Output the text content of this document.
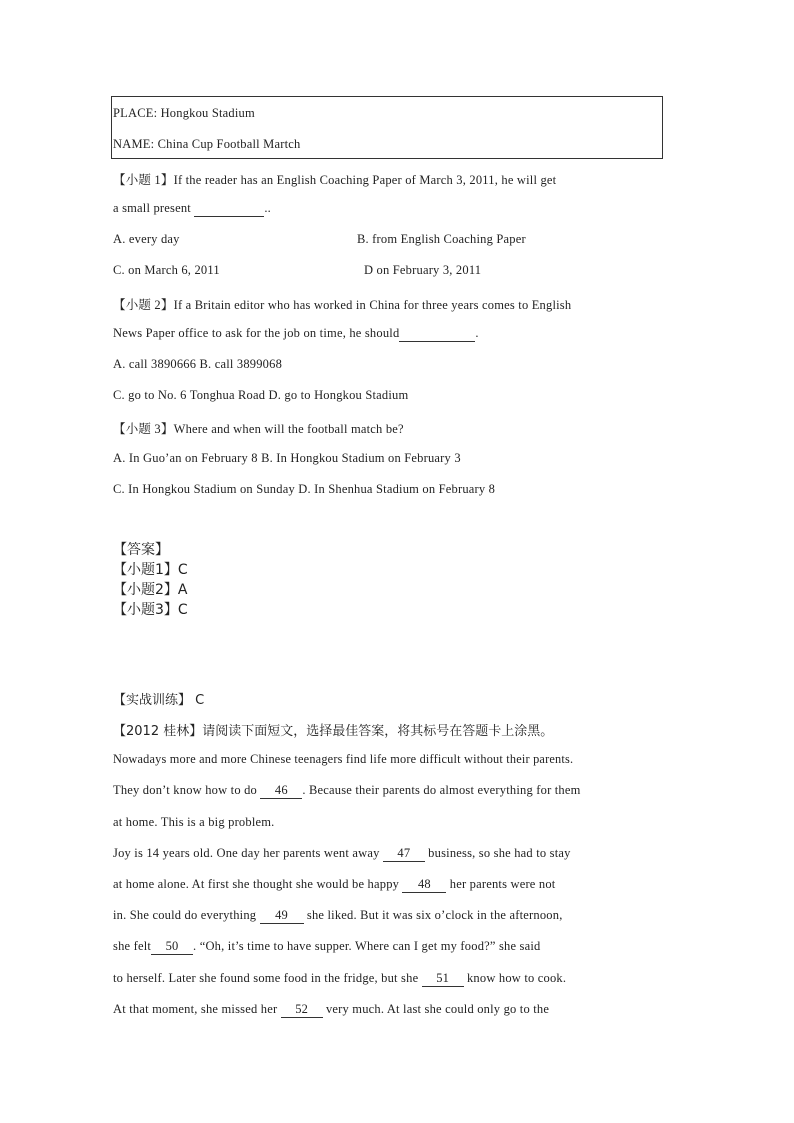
PLACE: Hongkou Stadium
NAME: China Cup Football Martch
【小题 1】If the reader has an English Coaching Paper of March 3, 2011, he will get
a small present	..
A. every day	B. from English Coaching Paper
C. on March 6, 2011	D on February 3, 2011
【小题 2】If a Britain editor who has worked in China for three years comes to English
News Paper office to ask for the job on time, he should	.
A. call 3890666 B. call 3899068
C. go to No. 6 Tonghua Road D. go to Hongkou Stadium
【小题 3】Where and when will the football match be?
A. In Guo’an on February 8 B. In Hongkou Stadium on February 3
C. In Hongkou Stadium on Sunday D. In Shenhua Stadium on February 8
【答案】
【小题1】C
【小题2】A
【小题3】C
【实战训练】 C
【2012 桂林】请阅读下面短文，选择最佳答案，将其标号在答题卡上涂黑。
Nowadays more and more Chinese teenagers find life more difficult without their parents.
They don’t know how to do 46 . Because their parents do almost everything for them
at home. This is a big problem.
Joy is 14 years old. One day her parents went away 47 business, so she had to stay
at home alone. At first she thought she would be happy 48 her parents were not
in. She could do everything 49 she liked. But it was six o’clock in the afternoon,
she felt 50 . “Oh, it’s time to have supper. Where can I get my food?” she said
to herself. Later she found some food in the fridge, but she 51 know how to cook.
At that moment, she missed her 52 very much. At last she could only go to the
